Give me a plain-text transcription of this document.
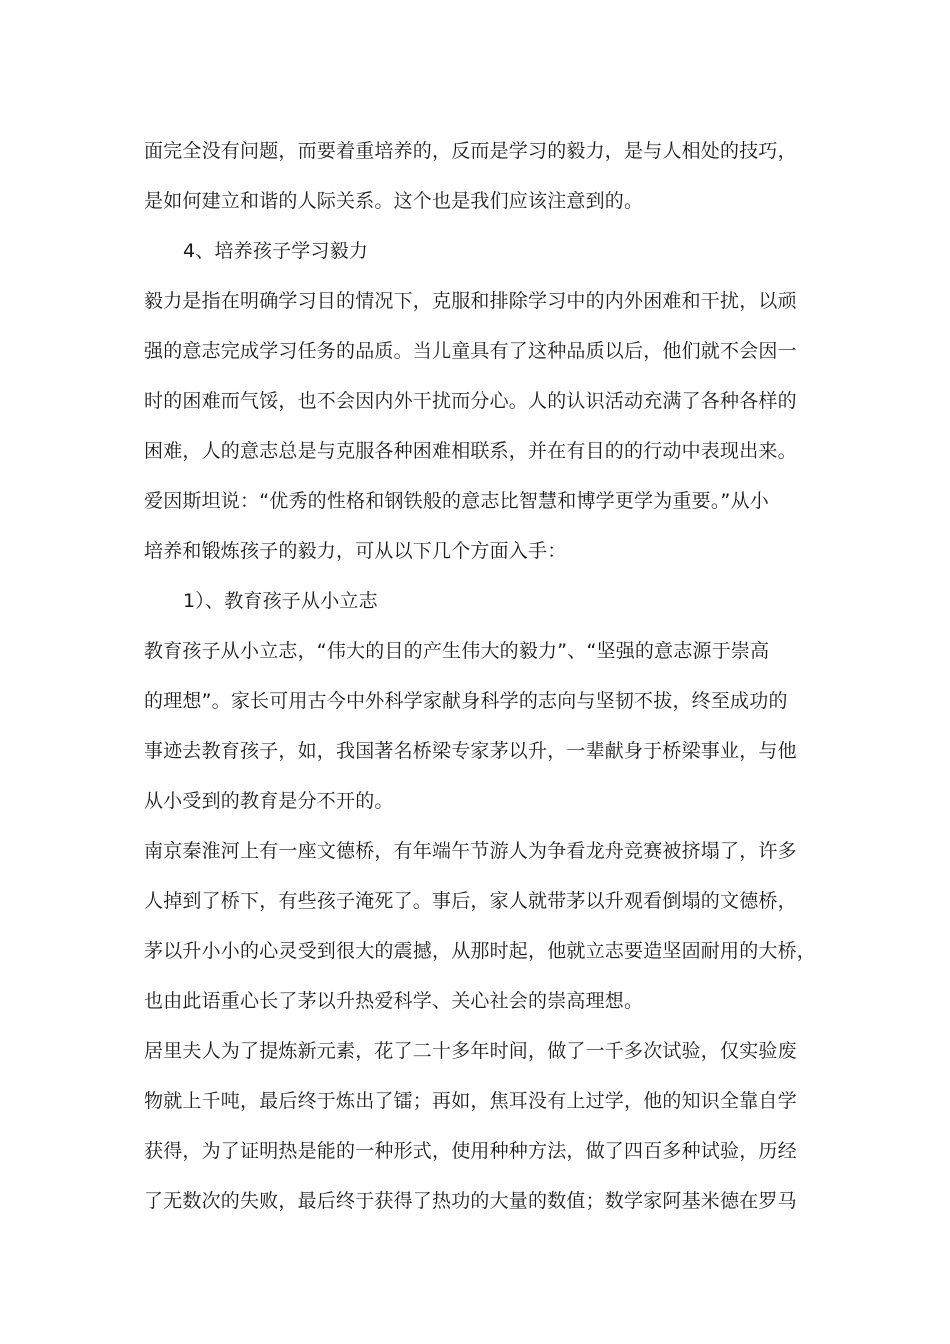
面完全没有问题，而要着重培养的，反而是学习的毅力，是与人相处的技巧，
是如何建立和谐的人际关系。这个也是我们应该注意到的。
4、培养孩子学习毅力
毅力是指在明确学习目的情况下，克服和排除学习中的内外困难和干扰，以顽
强的意志完成学习任务的品质。当儿童具有了这种品质以后，他们就不会因一
时的困难而气馁，也不会因内外干扰而分心。人的认识活动充满了各种各样的
困难，人的意志总是与克服各种困难相联系，并在有目的的行动中表现出来。
爱因斯坦说：“优秀的性格和钢铁般的意志比智慧和博学更学为重要。”从小
培养和锻炼孩子的毅力，可从以下几个方面入手：
1）、教育孩子从小立志
教育孩子从小立志，“伟大的目的产生伟大的毅力”、“坚强的意志源于崇高
的理想”。家长可用古今中外科学家献身科学的志向与坚韧不拔，终至成功的
事迹去教育孩子，如，我国著名桥梁专家茅以升，一辈献身于桥梁事业，与他
从小受到的教育是分不开的。
南京秦淮河上有一座文德桥，有年端午节游人为争看龙舟竞赛被挤塌了，许多
人掉到了桥下，有些孩子淹死了。事后，家人就带茅以升观看倒塌的文德桥，
茅以升小小的心灵受到很大的震撼，从那时起，他就立志要造坚固耐用的大桥，
也由此语重心长了茅以升热爱科学、关心社会的崇高理想。
居里夫人为了提炼新元素，花了二十多年时间，做了一千多次试验，仅实验废
物就上千吨，最后终于炼出了镭；再如，焦耳没有上过学，他的知识全靠自学
获得，为了证明热是能的一种形式，使用种种方法，做了四百多种试验，历经
了无数次的失败，最后终于获得了热功的大量的数值；数学家阿基米德在罗马
